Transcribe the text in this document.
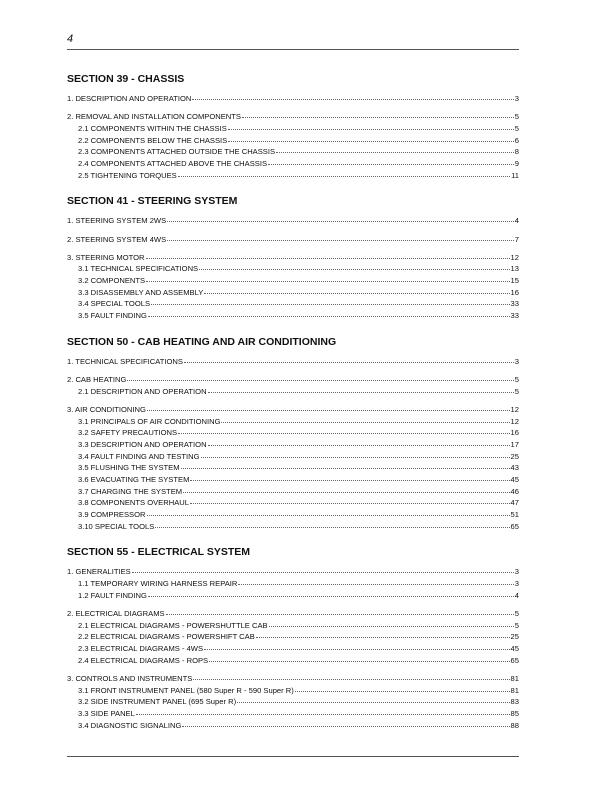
4
SECTION 39 - CHASSIS
1. DESCRIPTION AND OPERATION	3
2. REMOVAL AND INSTALLATION COMPONENTS	5
2.1 COMPONENTS WITHIN THE CHASSIS	5
2.2 COMPONENTS BELOW THE CHASSIS	6
2.3 COMPONENTS ATTACHED OUTSIDE THE CHASSIS	8
2.4 COMPONENTS ATTACHED ABOVE THE CHASSIS	9
2.5 TIGHTENING TORQUES	11
SECTION 41 - STEERING SYSTEM
1. STEERING SYSTEM 2WS	4
2. STEERING SYSTEM 4WS	7
3. STEERING MOTOR	12
3.1 TECHNICAL SPECIFICATIONS	13
3.2 COMPONENTS	15
3.3 DISASSEMBLY AND ASSEMBLY	16
3.4 SPECIAL TOOLS	33
3.5 FAULT FINDING	33
SECTION 50 - CAB HEATING AND AIR CONDITIONING
1. TECHNICAL SPECIFICATIONS	3
2. CAB HEATING	5
2.1 DESCRIPTION AND OPERATION	5
3. AIR CONDITIONING	12
3.1 PRINCIPALS OF AIR CONDITIONING	12
3.2 SAFETY PRECAUTIONS	16
3.3 DESCRIPTION AND OPERATION	17
3.4 FAULT FINDING AND TESTING	25
3.5 FLUSHING THE SYSTEM	43
3.6 EVACUATING THE SYSTEM	45
3.7 CHARGING THE SYSTEM	46
3.8 COMPONENTS OVERHAUL	47
3.9 COMPRESSOR	51
3.10 SPECIAL TOOLS	65
SECTION 55 - ELECTRICAL SYSTEM
1. GENERALITIES	3
1.1 TEMPORARY WIRING HARNESS REPAIR	3
1.2 FAULT FINDING	4
2. ELECTRICAL DIAGRAMS	5
2.1 ELECTRICAL DIAGRAMS - POWERSHUTTLE CAB	5
2.2 ELECTRICAL DIAGRAMS - POWERSHIFT CAB	25
2.3 ELECTRICAL DIAGRAMS - 4WS	45
2.4 ELECTRICAL DIAGRAMS - ROPS	65
3. CONTROLS AND INSTRUMENTS	81
3.1 FRONT INSTRUMENT PANEL (580 Super R - 590 Super R)	81
3.2 SIDE INSTRUMENT PANEL (695 Super R)	83
3.3 SIDE PANEL	85
3.4 DIAGNOSTIC SIGNALING	88
